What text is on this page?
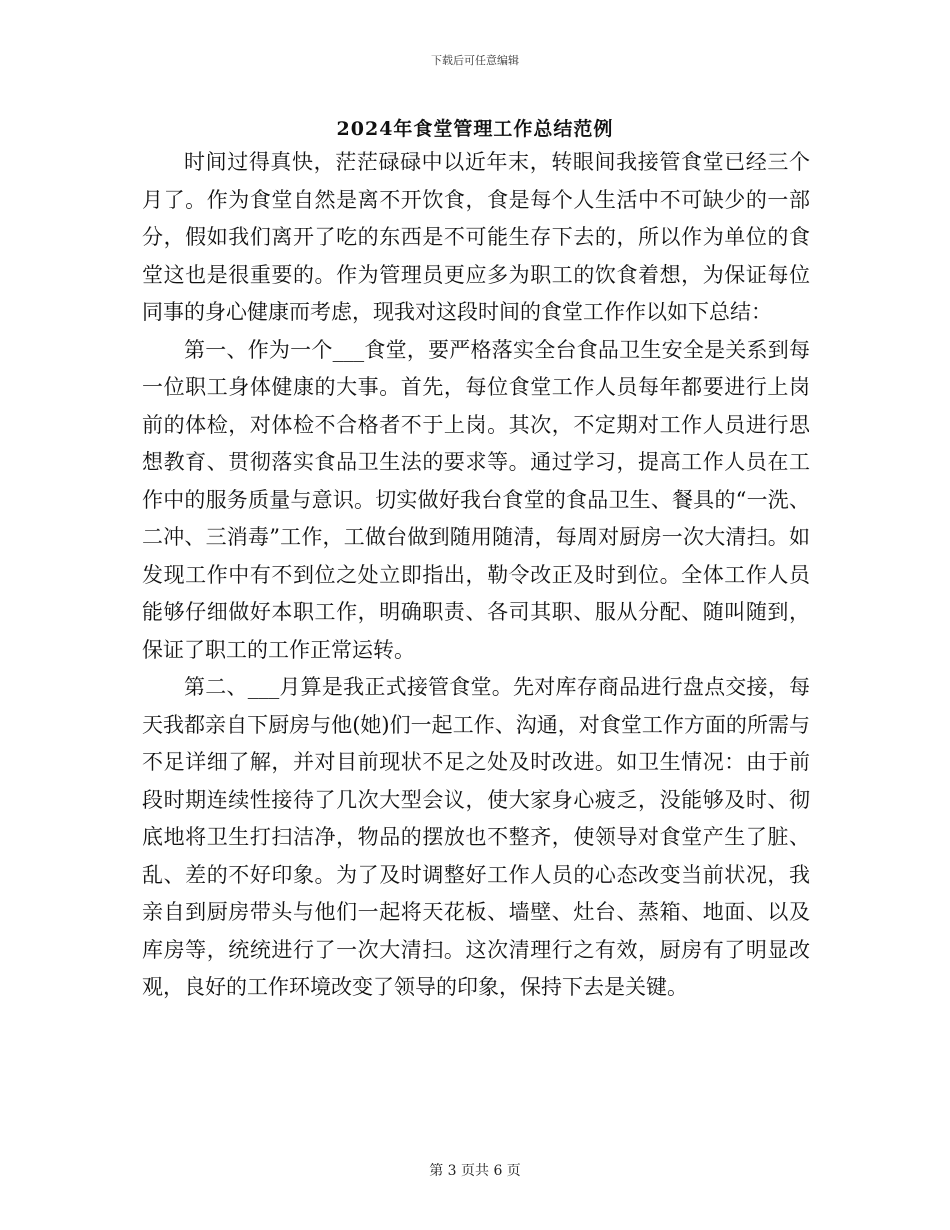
下载后可任意编辑
2024年食堂管理工作总结范例

时间过得真快，茫茫碌碌中以近年末，转眼间我接管食堂已经三个月了。作为食堂自然是离不开饮食，食是每个人生活中不可缺少的一部分，假如我们离开了吃的东西是不可能生存下去的，所以作为单位的食堂这也是很重要的。作为管理员更应多为职工的饮食着想，为保证每位同事的身心健康而考虑，现我对这段时间的食堂工作作以如下总结：

第一、作为一个___食堂，要严格落实全台食品卫生安全是关系到每一位职工身体健康的大事。首先，每位食堂工作人员每年都要进行上岗前的体检，对体检不合格者不于上岗。其次，不定期对工作人员进行思想教育、贯彻落实食品卫生法的要求等。通过学习，提高工作人员在工作中的服务质量与意识。切实做好我台食堂的食品卫生、餐具的“一洗、二冲、三消毒”工作，工做台做到随用随清，每周对厨房一次大清扫。如发现工作中有不到位之处立即指出，勒令改正及时到位。全体工作人员能够仔细做好本职工作，明确职责、各司其职、服从分配、随叫随到，保证了职工的工作正常运转。

第二、___月算是我正式接管食堂。先对库存商品进行盘点交接，每天我都亲自下厨房与他(她)们一起工作、沟通，对食堂工作方面的所需与不足详细了解，并对目前现状不足之处及时改进。如卫生情况：由于前段时期连续性接待了几次大型会议，使大家身心疲乏，没能够及时、彻底地将卫生打扫洁净，物品的摆放也不整齐，使领导对食堂产生了脏、乱、差的不好印象。为了及时调整好工作人员的心态改变当前状况，我亲自到厨房带头与他们一起将天花板、墙壁、灶台、蒸箱、地面、以及库房等，统统进行了一次大清扫。这次清理行之有效，厨房有了明显改观，良好的工作环境改变了领导的印象，保持下去是关键。

第 3 页共 6 页
